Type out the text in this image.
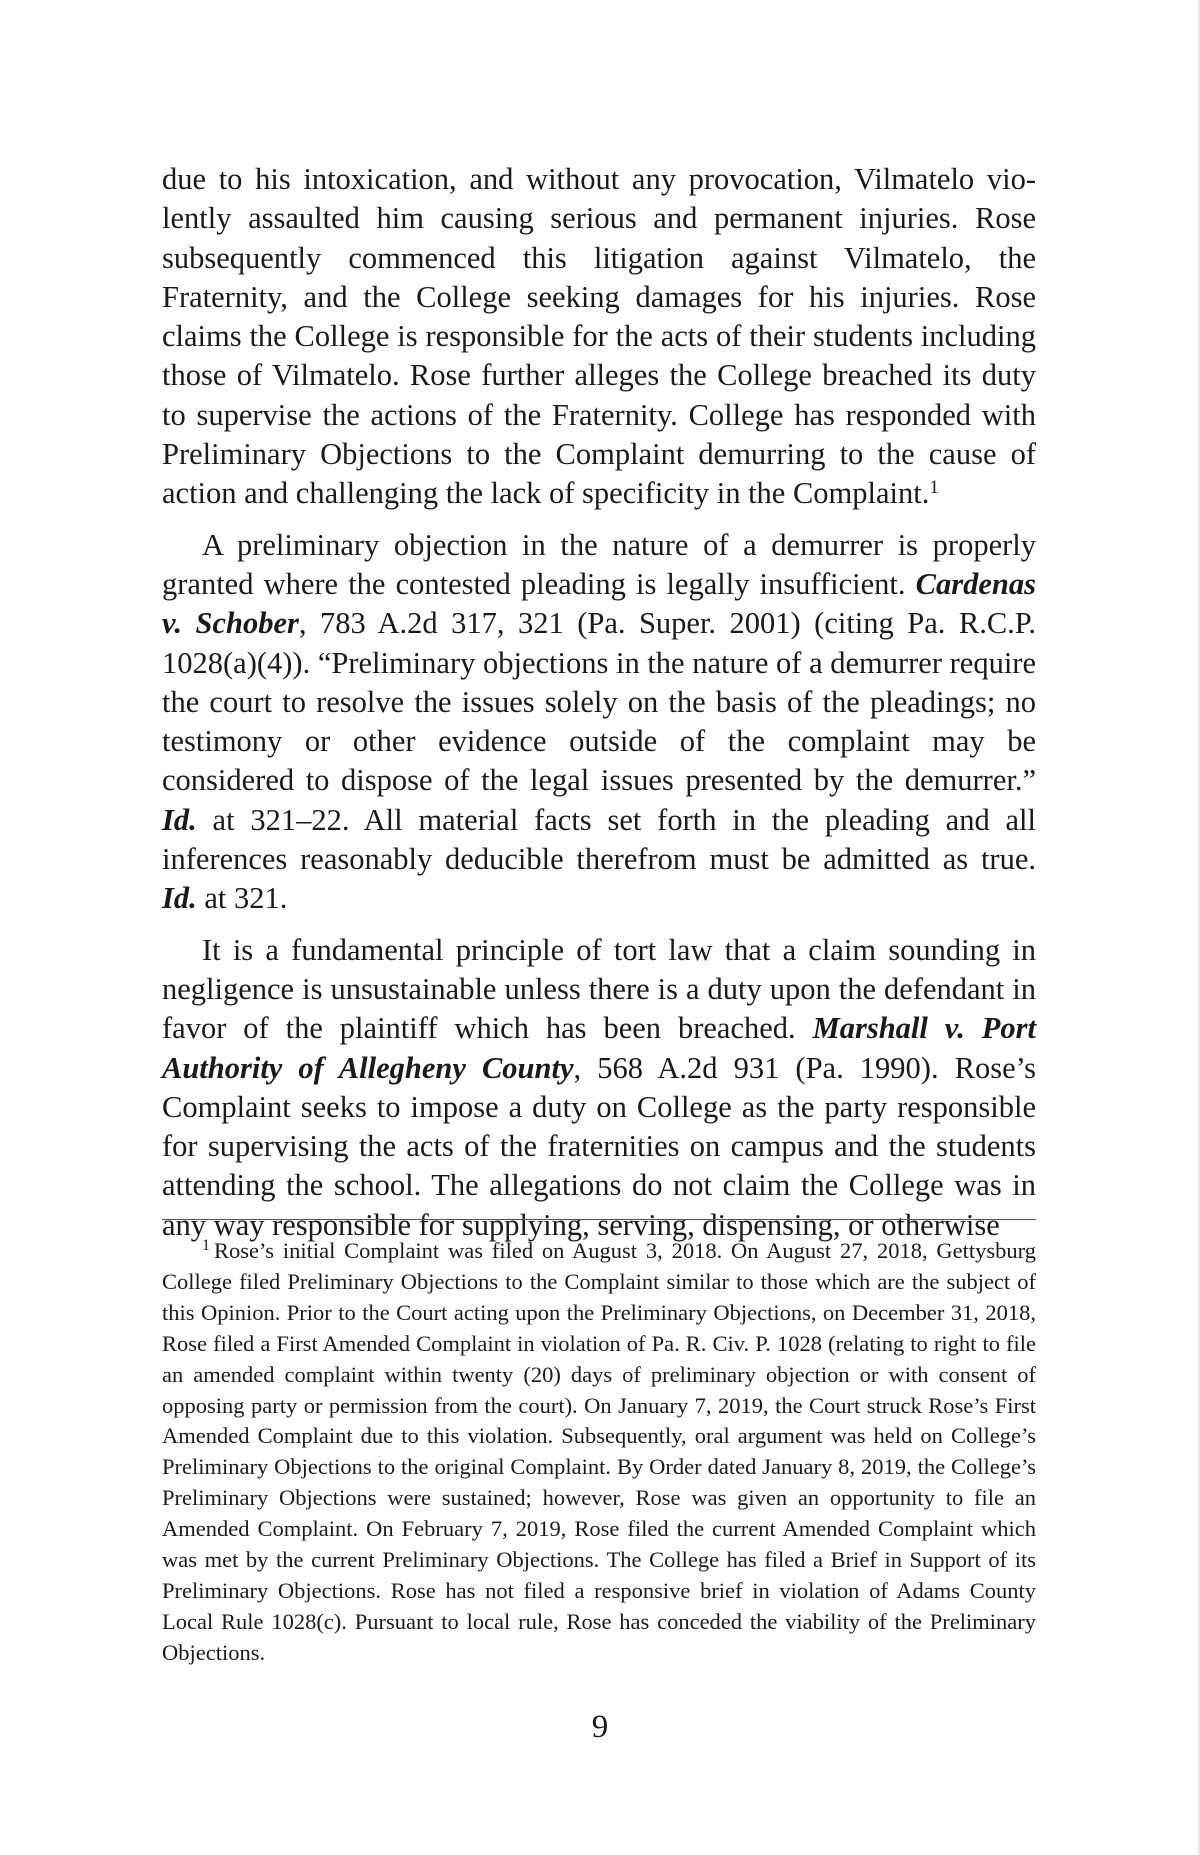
due to his intoxication, and without any provocation, Vilmatelo violently assaulted him causing serious and permanent injuries. Rose subsequently commenced this litigation against Vilmatelo, the Fraternity, and the College seeking damages for his injuries. Rose claims the College is responsible for the acts of their students including those of Vilmatelo. Rose further alleges the College breached its duty to supervise the actions of the Fraternity. College has responded with Preliminary Objections to the Complaint demurring to the cause of action and challenging the lack of specificity in the Complaint.$^1$

A preliminary objection in the nature of a demurrer is properly granted where the contested pleading is legally insufficient. Cardenas v. Schober, 783 A.2d 317, 321 (Pa. Super. 2001) (citing Pa. R.C.P. 1028(a)(4)). “Preliminary objections in the nature of a demurrer require the court to resolve the issues solely on the basis of the pleadings; no testimony or other evidence outside of the complaint may be considered to dispose of the legal issues presented by the demurrer.” Id. at 321–22. All material facts set forth in the pleading and all inferences reasonably deducible therefrom must be admitted as true. Id. at 321.

It is a fundamental principle of tort law that a claim sounding in negligence is unsustainable unless there is a duty upon the defendant in favor of the plaintiff which has been breached. Marshall v. Port Authority of Allegheny County, 568 A.2d 931 (Pa. 1990). Rose’s Complaint seeks to impose a duty on College as the party responsible for supervising the acts of the fraternities on campus and the students attending the school. The allegations do not claim the College was in any way responsible for supplying, serving, dispensing, or otherwise

$^1$ Rose’s initial Complaint was filed on August 3, 2018. On August 27, 2018, Gettysburg College filed Preliminary Objections to the Complaint similar to those which are the subject of this Opinion. Prior to the Court acting upon the Preliminary Objections, on December 31, 2018, Rose filed a First Amended Complaint in violation of Pa. R. Civ. P. 1028 (relating to right to file an amended complaint within twenty (20) days of preliminary objection or with consent of opposing party or permission from the court). On January 7, 2019, the Court struck Rose’s First Amended Complaint due to this violation. Subsequently, oral argument was held on College’s Preliminary Objections to the original Complaint. By Order dated January 8, 2019, the College’s Preliminary Objections were sustained; however, Rose was given an opportunity to file an Amended Complaint. On February 7, 2019, Rose filed the current Amended Complaint which was met by the current Preliminary Objections. The College has filed a Brief in Support of its Preliminary Objections. Rose has not filed a responsive brief in violation of Adams County Local Rule 1028(c). Pursuant to local rule, Rose has conceded the viability of the Preliminary Objections.

9
